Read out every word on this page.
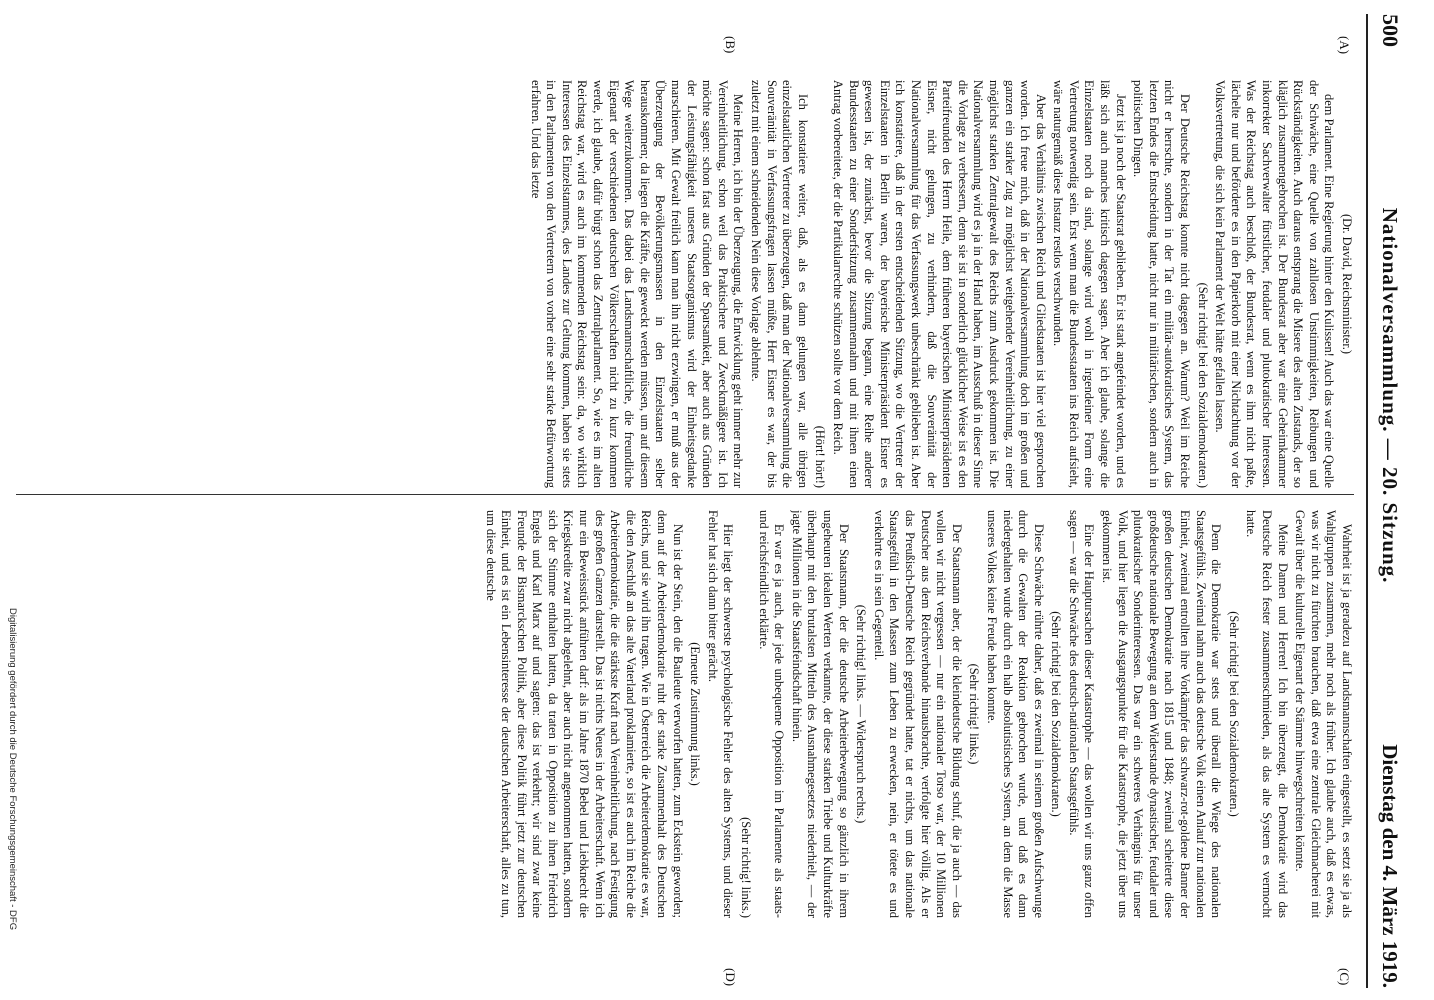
500
Nationalversammlung. — 20. Sitzung.
Dienstag den 4. März 1919.
(A)
(B)
(C)
(D)

(Dr. David, Reichsminister.)

dem Parlament. Eine Regierung hinter den Kulissen! Auch das war eine Quelle der Schwäche, eine Quelle von zahllosen Unstimmigkeiten, Reibungen und Rückständigkeiten. Auch daraus entsprang die Misere des alten Zustands, der so kläglich zusammengebrochen ist. Der Bundesrat aber war eine Geheimkammer inkorrekter Sachverwalter fürstlicher, feudaler und plutokratischer Interessen. Was der Reichstag auch beschloß, der Bundesrat, wenn es ihm nicht paßte, lächelte nur und beförderte es in den Papierkorb mit einer Nichtachtung vor der Volksvertretung, die sich kein Parlament der Welt hätte gefallen lassen.

(Sehr richtig! bei den Sozialdemokraten.)

Der Deutsche Reichstag konnte nicht dagegen an. Warum? Weil im Reiche nicht er herrschte, sondern in der Tat ein militär-autokratisches System, das letzten Endes die Entscheidung hatte, nicht nur in militärischen, sondern auch in politischen Dingen.

Jetzt ist ja noch der Staatsrat geblieben. Er ist stark angefeindet worden, und es läßt sich auch manches kritisch dagegen sagen. Aber ich glaube, solange die Einzelstaaten noch da sind, solange wird wohl in irgendeiner Form eine Vertretung notwendig sein. Erst wenn man die Bundesstaaten ins Reich aufsieht, wäre naturgemäß diese Instanz restlos verschwunden.

Aber das Verhältnis zwischen Reich und Gliedstaaten ist hier viel gesprochen worden. Ich freue mich, daß in der Nationalversammlung doch im großen und ganzen ein starker Zug zu möglichst weitgehender Vereinheitlichung, zu einer möglichst starken Zentralgewalt des Reichs zum Ausdruck gekommen ist. Die Nationalversammlung wird es ja in der Hand haben, im Ausschuß in dieser Sinne die Vorlage zu verbessern, denn sie ist in sonderlich glücklicher Weise ist es den Parteifreunden des Herrn Heile, dem früheren bayerischen Ministerpräsidenten Eisner, nicht gelungen, zu verhindern, daß die Souveränität der Nationalversammlung für das Verfassungswerk unbeschränkt geblieben ist. Aber ich konstatiere, daß in der ersten entscheidenden Sitzung, wo die Vertreter der Einzelstaaten in Berlin waren, der bayerische Ministerpräsident Eisner es gewesen ist, der zunächst, bevor die Sitzung begann, eine Reihe anderer Bundesstaaten zu einer Sonderfsitzung zusammennahm und mit ihnen einen Antrag vorbereitete, der die Partikularrechte schützen sollte vor dem Reich.

(Hört! hört!)

Ich konstatiere weiter, daß, als es dann gelungen war, alle übrigen einzelstaatlichen Vertreter zu überzeugen, daß man der Nationalversammlung die Souveränität in Verfassungsfragen lassen müßte, Herr Eisner es war, der bis zuletzt mit einem schneidenden Nein diese Vorlage ablehnte.

Meine Herren, ich bin der Überzeugung, die Entwicklung geht immer mehr zur Vereinheitlichung, schon weil das Praktischere und Zweckmäßigere ist. Ich möchte sagen: schon fast aus Gründen der Sparsamkeit, aber auch aus Gründen der Leistungsfähigkeit unseres Staatsorganismus wird der Einheitsgedanke marschieren. Mit Gewalt freilich kann man ihn nicht erzwingen, er muß aus der Überzeugung der Bevölkerungsmassen in den Einzelstaaten selber herauskommen; da liegen die Kräfte, die geweckt werden müssen, um auf diesem Wege weiterzukommen. Das dabei das Landsmannschaftliche, die freundliche Eigenart der verschiedenen deutschen Völkerschaften nicht zu kurz kommen werde, ich glaube, dafür bürgt schon das Zentralparlament. So, wie es im alten Reichstag war, wird es auch im kommenden Reichstag sein: da, wo wirklich Interessen des Einzelstammes, des Landes zur Geltung kommen, haben sie stets in den Parlamenten von den Vertretern von vorher eine sehr starke Befürwortung erfahren. Und das letzte

Wahrheit ist ja geradezu auf Landsmannschaften eingestellt, es setzt sie ja als Wahlgruppen zusammen, mehr noch als früher. Ich glaube auch, daß es etwas, was wir nicht zu fürchten brauchen, daß etwa eine zentrale Gleichmacherei mit Gewalt über die kulturelle Eigenart der Stämme hinwegschreiten könnte.

Meine Damen und Herren! Ich bin überzeugt, die Demokratie wird das Deutsche Reich fester zusammenschmieden, als das alte System es vermocht hatte.

(Sehr richtig! bei den Sozialdemokraten.)

Denn die Demokratie war stets und überall die Wiege des nationalen Staatsgefühls. Zweimal nahm auch das deutsche Volk einen Anlauf zur nationalen Einheit, zweimal entrollten ihre Vorkämpfer das schwarz-rot-goldene Banner der großen deutschen Demokratie nach 1815 und 1848; zweimal scheiterte diese großdeutsche nationale Bewegung an dem Widerstande dynastischer, feudaler und plutokratischer Sonderinteressen. Das war ein schweres Verhängnis für unser Volk, und hier liegen die Ausgangspunkte für die Katastrophe, die jetzt über uns gekommen ist.

Eine der Hauptursachen dieser Katastrophe — das wollen wir uns ganz offen sagen — war die Schwäche des deutsch-nationalen Staatsgefühls.

(Sehr richtig! bei den Sozialdemokraten.)

Diese Schwäche rührte daher, daß es zweimal in seinem großen Aufschwunge durch die Gewalten der Reaktion gebrochen wurde, und daß es dann niedergehalten wurde durch ein halb absolutistisches System, an dem die Masse unseres Volkes keine Freude haben konnte.

(Sehr richtig! links.)

Der Staatsmann aber, der die kleindeutsche Bildung schuf, die ja auch — das wollen wir nicht vergessen — nur ein nationaler Torso war, der 10 Millionen Deutscher aus dem Reichsverbande hinausbrachte, verfolgte hier völlig. Als er das Preußisch-Deutsche Reich gegründet hatte, tat er nichts, um das nationale Staatsgefühl in den Massen zum Leben zu erwecken, nein, er tötete es und verkehrte es in sein Gegenteil.

(Sehr richtig! links. — Widerspruch rechts.)

Der Staatsmann, der die deutsche Arbeiterbewegung so gänzlich in ihrem ungeheuren idealen Werten verkannte, der diese starken Triebe und Kulturkräfte überhaupt mit den brutalsten Mitteln des Ausnahmegesetzes niederhielt, — der jagte Millionen in die Staatsfeindschaft hinein.

Er war es ja auch, der jede unbequeme Opposition im Parlamente als staats- und reichsfeindlich erklärte.

(Sehr richtig! links.)

Hier liegt der schwerste psychologische Fehler des alten Systems, und dieser Fehler hat sich dann bitter gerächt.

(Erneute Zustimmung links.)

Nun ist der Stein, den die Bauleute verworfen hatten, zum Eckstein geworden; denn auf der Arbeiterdemokratie ruht der starke Zusammenhalt des Deutschen Reichs, und sie wird ihn tragen. Wie in Österreich die Arbeiterdemokratie es war, die den Anschluß an das alte Vaterland proklamierte, so ist es auch im Reiche die Arbeiterdemokratie, die die stärkste Kraft nach Vereinheitlichung, nach Festigung des großen Ganzen darstellt. Das ist nichts Neues in der Arbeiterschaft. Wenn ich nur ein Beweisstück anführen darf: als im Jahre 1870 Bebel und Liebknecht die Kriegskredite zwar nicht abgelehnt, aber auch nicht angenommen hatten, sondern sich der Stimme enthalten hatten, da traten in Opposition zu ihnen Friedrich Engels und Karl Marx auf und sagten: das ist verkehrt; wir sind zwar keine Freunde der Bismarckschen Politik, aber diese Politik führt jetzt zur deutschen Einheit, und es ist ein Lebensinteresse der deutschen Arbeiterschaft, alles zu tun, um diese deutsche

Digitalisierung gefördert durch die Deutsche Forschungsgemeinschaft - DFG
